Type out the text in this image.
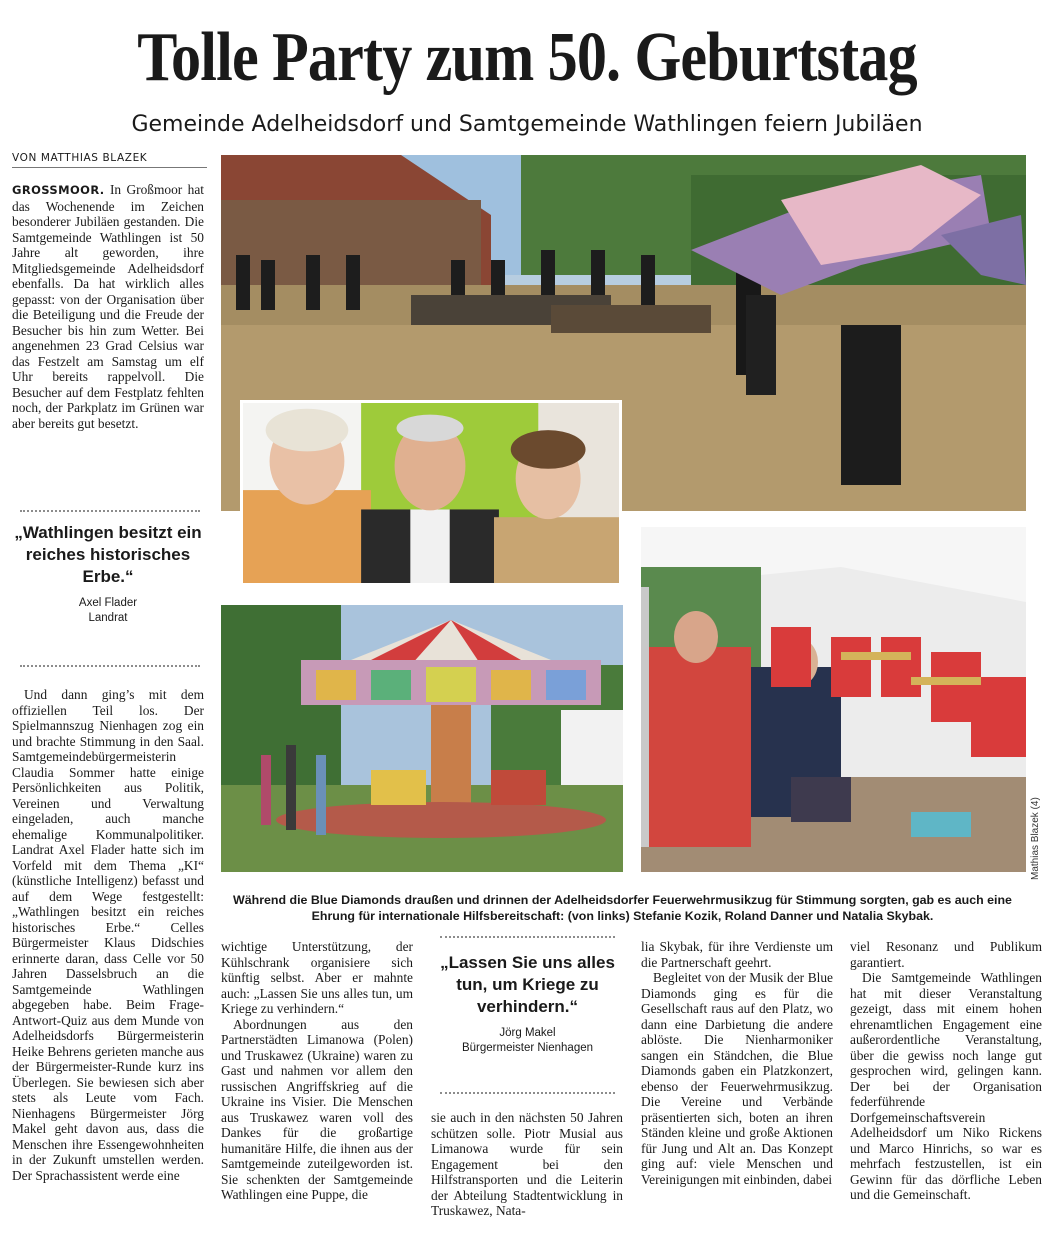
Tolle Party zum 50. Geburtstag
Gemeinde Adelheidsdorf und Samtgemeinde Wathlingen feiern Jubiläen
VON MATTHIAS BLAZEK

GROSSMOOR. In Großmoor hat das Wochenende im Zeichen besonderer Jubiläen gestanden. Die Samtgemeinde Wathlingen ist 50 Jahre alt geworden, ihre Mitgliedsgemeinde Adelheidsdorf ebenfalls. Da hat wirklich alles gepasst: von der Organisation über die Beteiligung und die Freude der Besucher bis hin zum Wetter. Bei angenehmen 23 Grad Celsius war das Festzelt am Samstag um elf Uhr bereits rappelvoll. Die Besucher auf dem Festplatz fehlten noch, der Parkplatz im Grünen war aber bereits gut besetzt.

„Wathlingen besitzt ein reiches historisches Erbe.“
Axel Flader
Landrat

Und dann ging’s mit dem offiziellen Teil los. Der Spielmannszug Nienhagen zog ein und brachte Stimmung in den Saal. Samtgemeindebürgermeisterin Claudia Sommer hatte einige Persönlichkeiten aus Politik, Vereinen und Verwaltung eingeladen, auch manche ehemalige Kommunalpolitiker. Landrat Axel Flader hatte sich im Vorfeld mit dem Thema „KI“ (künstliche Intelligenz) befasst und auf dem Wege festgestellt: „Wathlingen besitzt ein reiches historisches Erbe.“ Celles Bürgermeister Klaus Didschies erinnerte daran, dass Celle vor 50 Jahren Dasselsbruch an die Samtgemeinde Wathlingen abgegeben habe. Beim Frage-Antwort-Quiz aus dem Munde von Adelheidsdorfs Bürgermeisterin Heike Behrens gerieten manche aus der Bürgermeister-Runde kurz ins Überlegen. Sie bewiesen sich aber stets als Leute vom Fach. Nienhagens Bürgermeister Jörg Makel geht davon aus, dass die Menschen ihre Essengewohnheiten in der Zukunft umstellen werden. Der Sprachassistent werde eine

Mathias Blazek (4)
Während die Blue Diamonds draußen und drinnen der Adelheidsdorfer Feuerwehrmusikzug für Stimmung sorgten, gab es auch eine Ehrung für internationale Hilfsbereitschaft: (von links) Stefanie Kozik, Roland Danner und Natalia Skybak.

wichtige Unterstützung, der Kühlschrank organisiere sich künftig selbst. Aber er mahnte auch: „Lassen Sie uns alles tun, um Kriege zu verhindern.“

Abordnungen aus den Partnerstädten Limanowa (Polen) und Truskawez (Ukraine) waren zu Gast und nahmen vor allem den russischen Angriffskrieg auf die Ukraine ins Visier. Die Menschen aus Truskawez waren voll des Dankes für die großartige humanitäre Hilfe, die ihnen aus der Samtgemeinde zuteilgeworden ist. Sie schenkten der Samtgemeinde Wathlingen eine Puppe, die

„Lassen Sie uns alles tun, um Kriege zu verhindern.“
Jörg Makel
Bürgermeister Nienhagen

sie auch in den nächsten 50 Jahren schützen solle. Piotr Musial aus Limanowa wurde für sein Engagement bei den Hilfstransporten und die Leiterin der Abteilung Stadtentwicklung in Truskawez, Nata-

lia Skybak, für ihre Verdienste um die Partnerschaft geehrt.

Begleitet von der Musik der Blue Diamonds ging es für die Gesellschaft raus auf den Platz, wo dann eine Darbietung die andere ablöste. Die Nienharmoniker sangen ein Ständchen, die Blue Diamonds gaben ein Platzkonzert, ebenso der Feuerwehrmusikzug. Die Vereine und Verbände präsentierten sich, boten an ihren Ständen kleine und große Aktionen für Jung und Alt an. Das Konzept ging auf: viele Menschen und Vereinigungen mit einbinden, dabei

viel Resonanz und Publikum garantiert.

Die Samtgemeinde Wathlingen hat mit dieser Veranstaltung gezeigt, dass mit einem hohen ehrenamtlichen Engagement eine außerordentliche Veranstaltung, über die gewiss noch lange gut gesprochen wird, gelingen kann. Der bei der Organisation federführende Dorfgemeinschaftsverein Adelheidsdorf um Niko Rickens und Marco Hinrichs, so war es mehrfach festzustellen, ist ein Gewinn für das dörfliche Leben und die Gemeinschaft.
